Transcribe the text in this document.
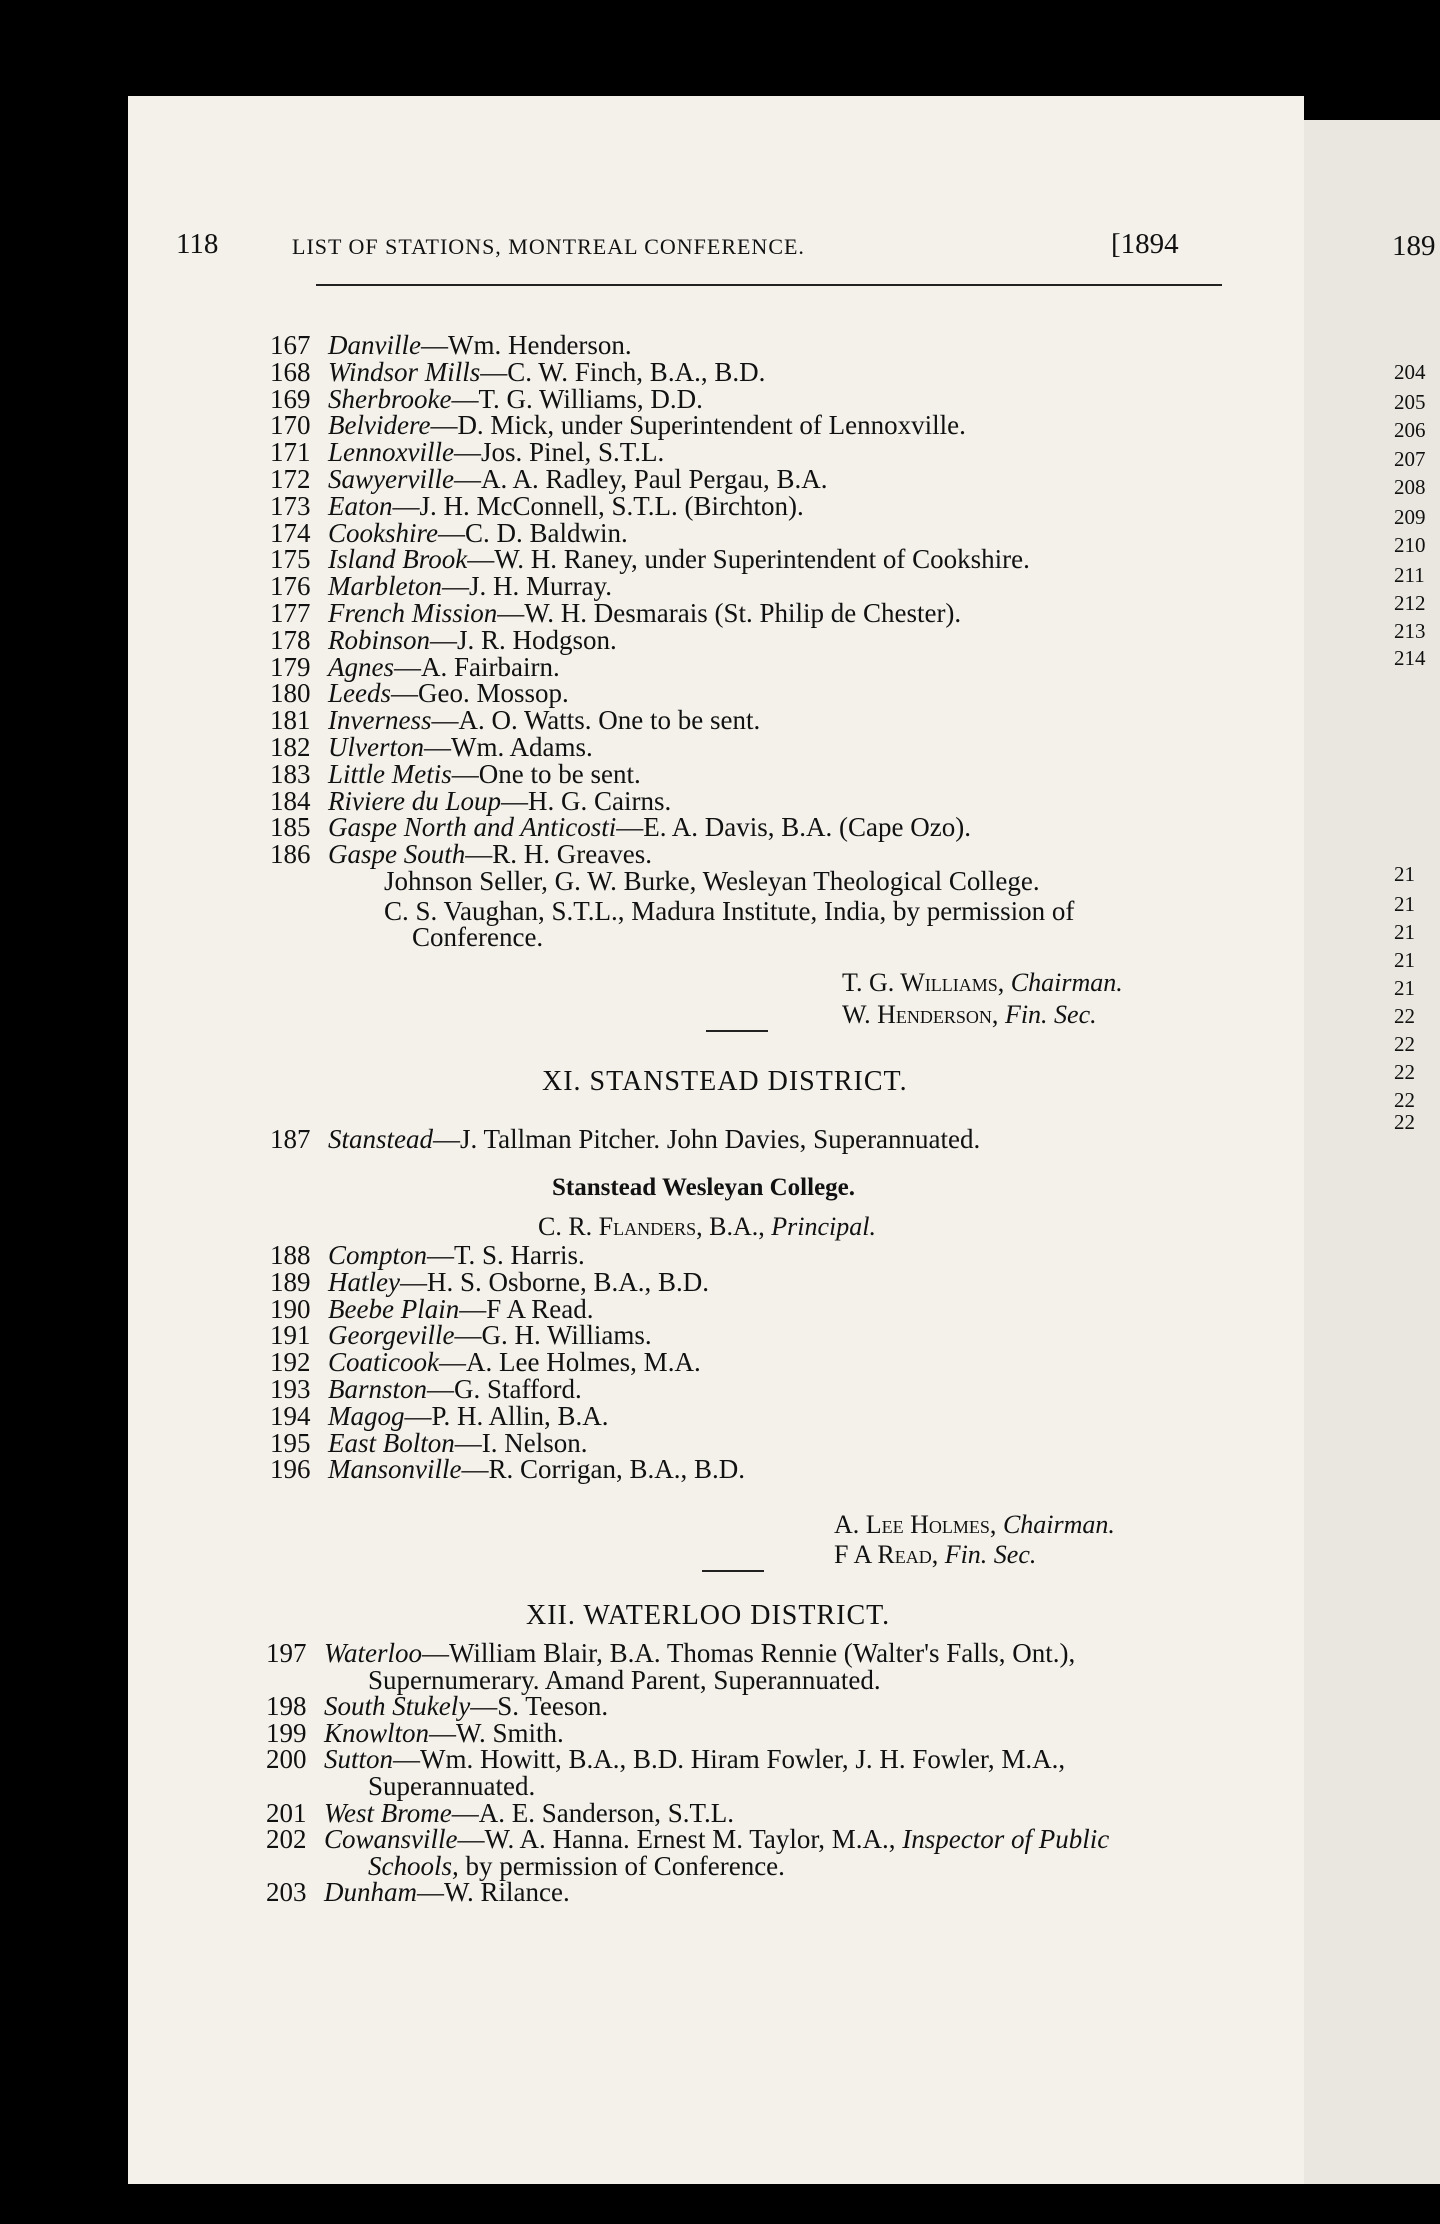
118	LIST OF STATIONS, MONTREAL CONFERENCE.	[1894	189
167 Danville—Wm. Henderson.
168 Windsor Mills—C. W. Finch, B.A., B.D.
169 Sherbrooke—T. G. Williams, D.D.
170 Belvidere—D. Mick, under Superintendent of Lennoxville.
171 Lennoxville—Jos. Pinel, S.T.L.
172 Sawyerville—A. A. Radley, Paul Pergau, B.A.
173 Eaton—J. H. McConnell, S.T.L. (Birchton).
174 Cookshire—C. D. Baldwin.
175 Island Brook—W. H. Raney, under Superintendent of Cookshire.
176 Marbleton—J. H. Murray.
177 French Mission—W. H. Desmarais (St. Philip de Chester).
178 Robinson—J. R. Hodgson.
179 Agnes—A. Fairbairn.
180 Leeds—Geo. Mossop.
181 Inverness—A. O. Watts. One to be sent.
182 Ulverton—Wm. Adams.
183 Little Metis—One to be sent.
184 Riviere du Loup—H. G. Cairns.
185 Gaspe North and Anticosti—E. A. Davis, B.A. (Cape Ozo).
186 Gaspe South—R. H. Greaves.
Johnson Seller, G. W. Burke, Wesleyan Theological College.
C. S. Vaughan, S.T.L., Madura Institute, India, by permission of
Conference.
T. G. Williams, Chairman.
W. Henderson, Fin. Sec.
XI. STANSTEAD DISTRICT.
187 Stanstead—J. Tallman Pitcher. John Davies, Superannuated.
Stanstead Wesleyan College.
C. R. Flanders, B.A., Principal.
188 Compton—T. S. Harris.
189 Hatley—H. S. Osborne, B.A., B.D.
190 Beebe Plain—F A Read.
191 Georgeville—G. H. Williams.
192 Coaticook—A. Lee Holmes, M.A.
193 Barnston—G. Stafford.
194 Magog—P. H. Allin, B.A.
195 East Bolton—I. Nelson.
196 Mansonville—R. Corrigan, B.A., B.D.
A. Lee Holmes, Chairman.
F A Read, Fin. Sec.
XII. WATERLOO DISTRICT.
197 Waterloo—William Blair, B.A. Thomas Rennie (Walter's Falls, Ont.),
Supernumerary. Amand Parent, Superannuated.
198 South Stukely—S. Teeson.
199 Knowlton—W. Smith.
200 Sutton—Wm. Howitt, B.A., B.D. Hiram Fowler, J. H. Fowler, M.A.,
Superannuated.
201 West Brome—A. E. Sanderson, S.T.L.
202 Cowansville—W. A. Hanna. Ernest M. Taylor, M.A., Inspector of Public
Schools, by permission of Conference.
203 Dunham—W. Rilance.
204
205
206
207
208
209
210
211
212
213
214
21
21
21
21
21
22
22
22
22
22
